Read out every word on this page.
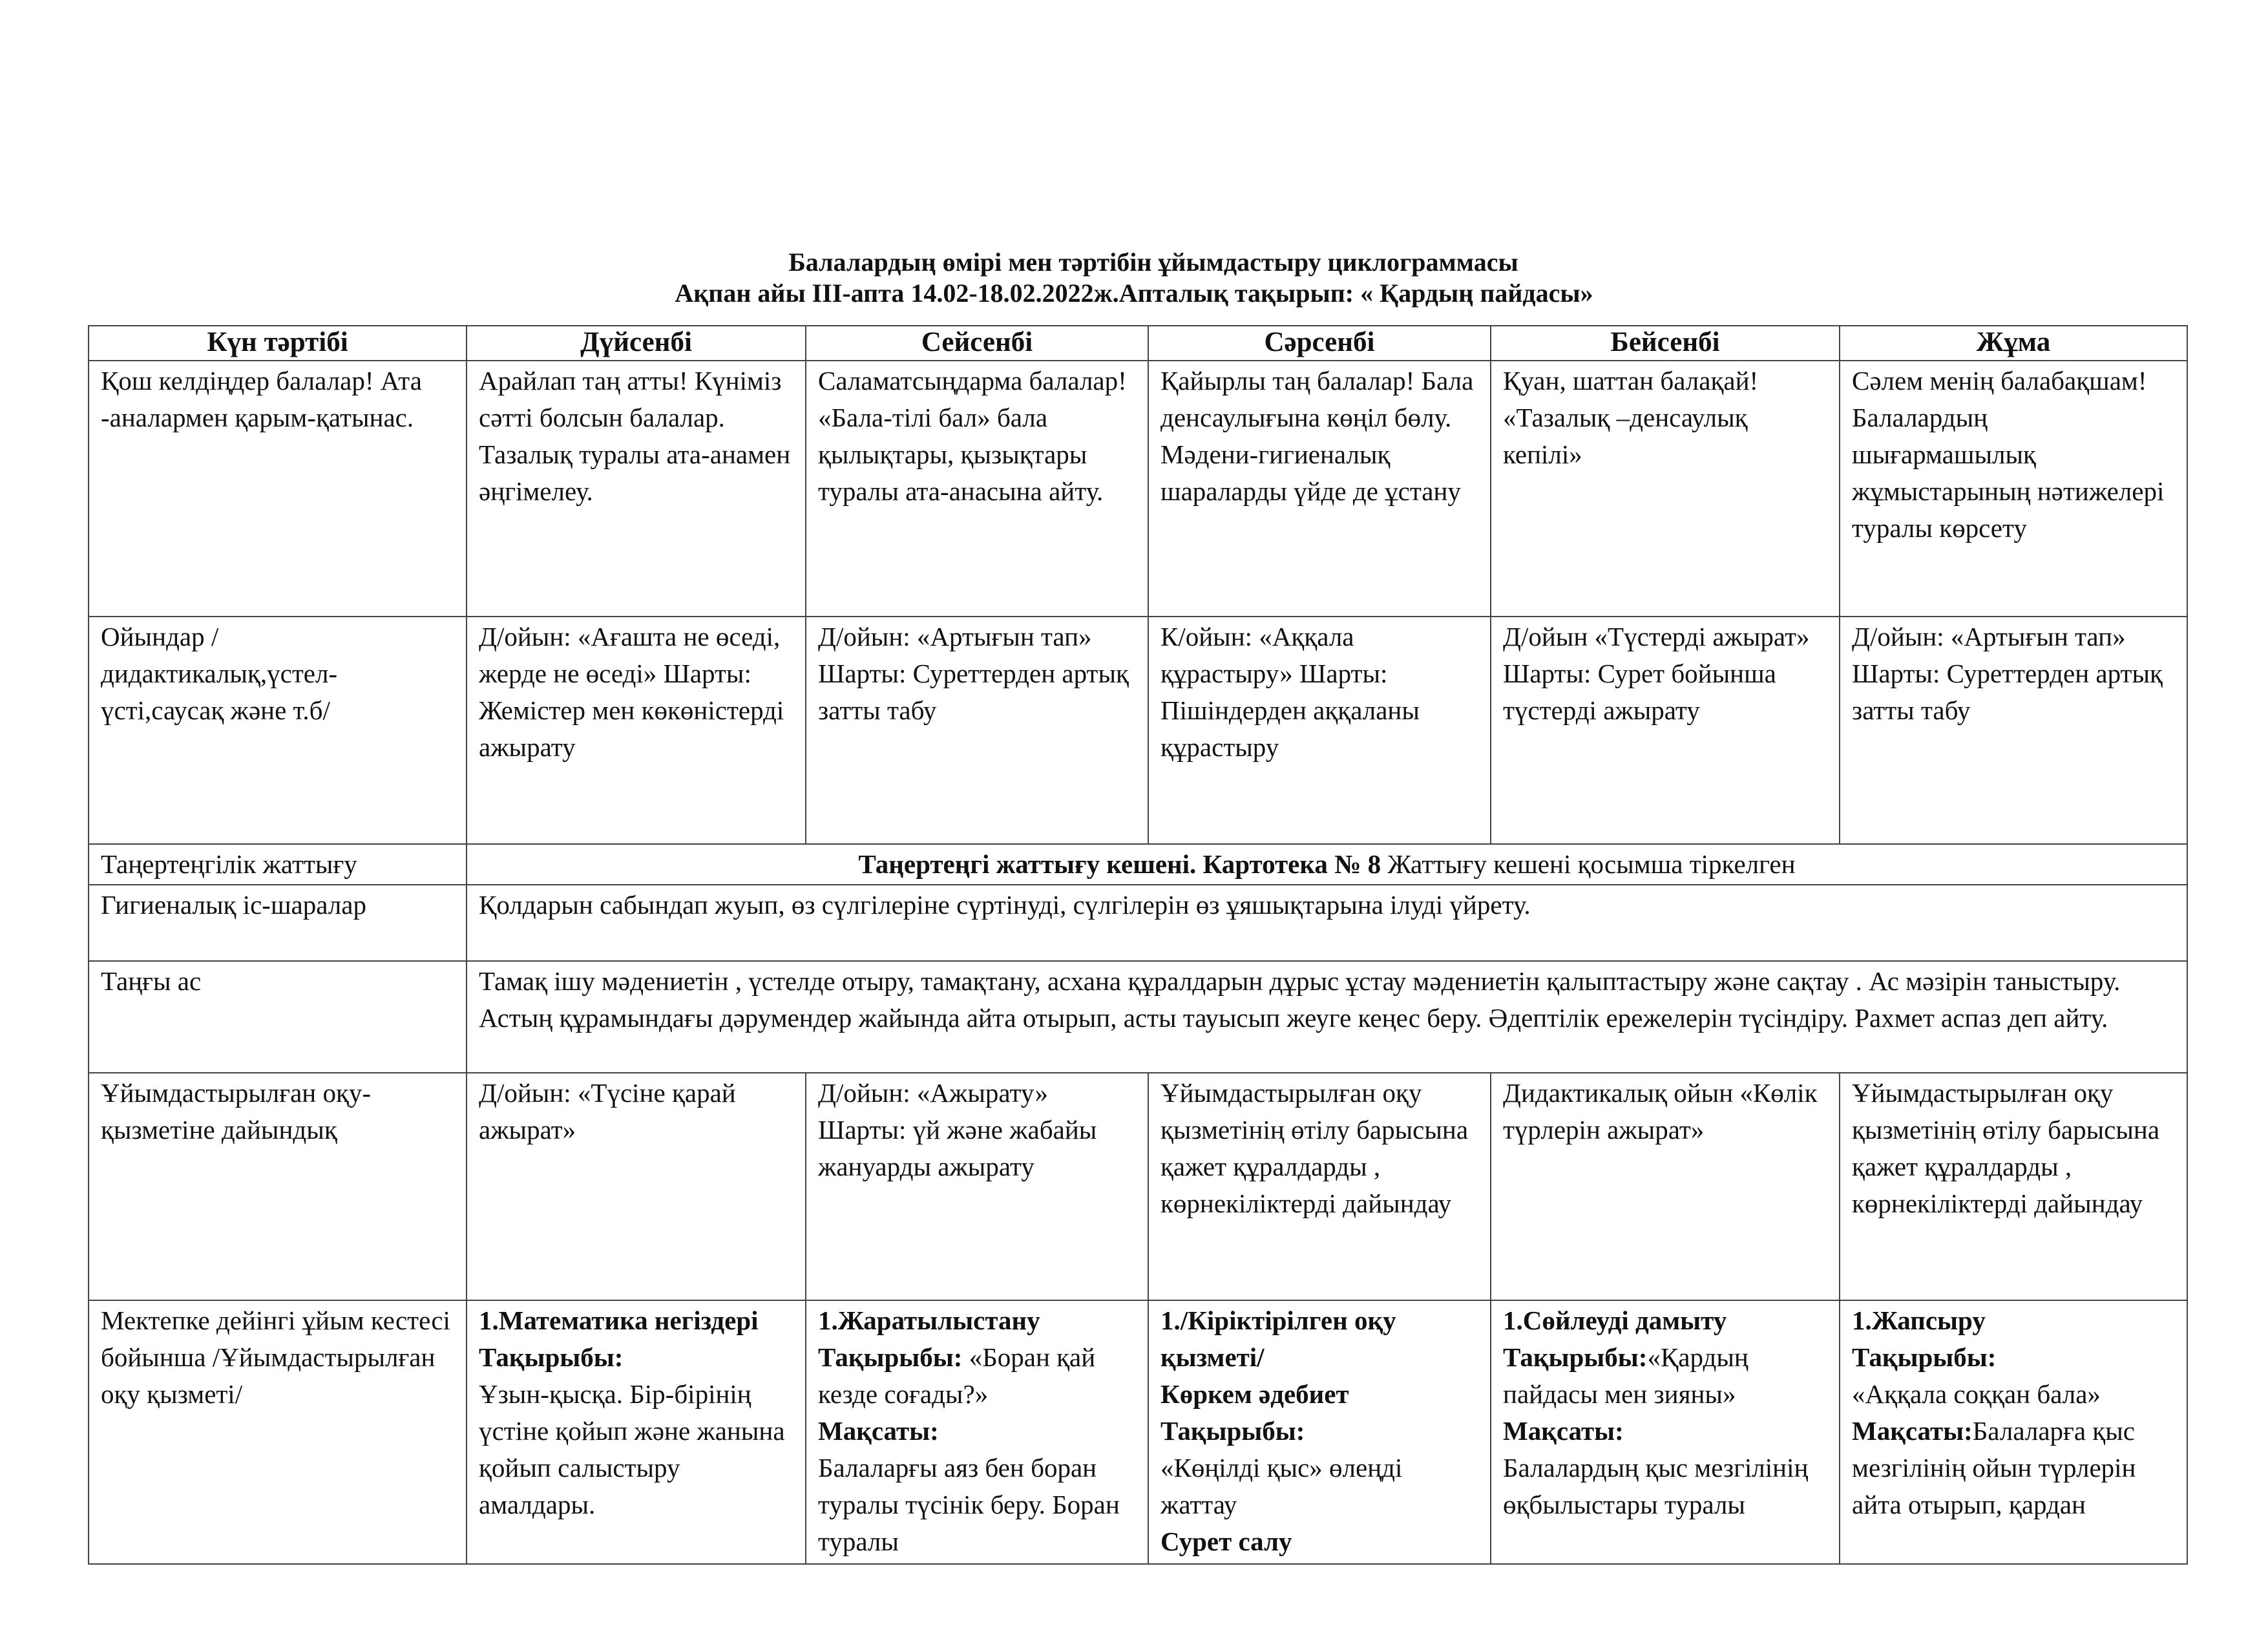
Балалардың өмірі мен тәртібін ұйымдастыру циклограммасы
Ақпан айы III-апта 14.02-18.02.2022ж.Апталық тақырып: « Қардың пайдасы»
Күн тәртібі	Дүйсенбі	Сейсенбі	Сәрсенбі	Бейсенбі	Жұма
Қош келдіңдер балалар! Ата -аналармен қарым-қатынас.	Арайлап таң атты! Күніміз сәтті болсын балалар. Тазалық туралы ата-анамен әңгімелеу.	Саламатсыңдарма балалар! «Бала-тілі бал» бала қылықтары, қызықтары туралы ата-анасына айту.	Қайырлы таң балалар! Бала денсаулығына көңіл бөлу. Мәдени-гигиеналық шараларды үйде де ұстану	Қуан, шаттан балақай! «Тазалық –денсаулық кепілі»	Сәлем менің балабақшам! Балалардың шығармашылық жұмыстарының нәтижелері туралы көрсету
Ойындар /дидактикалық,үстел-үсті,саусақ және т.б/	Д/ойын: «Ағашта не өседі, жерде не өседі» Шарты: Жемістер мен көкөністерді ажырату	Д/ойын: «Артығын тап» Шарты: Суреттерден артық затты табу	К/ойын: «Аққала құрастыру» Шарты: Пішіндерден аққаланы құрастыру	Д/ойын «Түстерді ажырат» Шарты: Сурет бойынша түстерді ажырату	Д/ойын: «Артығын тап» Шарты: Суреттерден артық затты табу
Таңертеңгілік жаттығу	Таңертеңгі жаттығу кешені. Картотека № 8 Жаттығу кешені қосымша тіркелген				
Гигиеналық іс-шаралар	Қолдарын сабындап жуып, өз сүлгілеріне сүртінуді, сүлгілерін өз ұяшықтарына ілуді үйрету.				
Таңғы ас	Тамақ ішу мәдениетін , үстелде отыру, тамақтану, асхана құралдарын дұрыс ұстау мәдениетін қалыптастыру және сақтау . Ас мәзірін таныстыру. Астың құрамындағы дәрумендер жайында айта отырып, асты тауысып жеуге кеңес беру. Әдептілік ережелерін түсіндіру. Рахмет аспаз деп айту.				
Ұйымдастырылған оқу-қызметіне дайындық	Д/ойын: «Түсіне қарай ажырат»	Д/ойын: «Ажырату» Шарты: үй және жабайы жануарды ажырату	Ұйымдастырылған оқу қызметінің өтілу барысына қажет құралдарды , көрнекіліктерді дайындау	Дидактикалық ойын «Көлік түрлерін ажырат»	Ұйымдастырылған оқу қызметінің өтілу барысына қажет құралдарды , көрнекіліктерді дайындау
Мектепке дейінгі ұйым кестесі бойынша /Ұйымдастырылған оқу қызметі/	1.Математика негіздері
Тақырыбы:
Ұзын-қысқа. Бір-бірінің үстіне қойып және жанына қойып салыстыру амалдары.	1.Жаратылыстану
Тақырыбы: «Боран қай кезде соғады?»
Мақсаты:
Балаларғы аяз бен боран туралы түсінік беру. Боран туралы	1./Кіріктірілген оқу қызметі/
Көркем әдебиет
Тақырыбы:
«Көңілді қыс» өлеңді жаттау
Сурет салу	1.Сөйлеуді дамыту
Тақырыбы:«Қардың пайдасы мен зияны»
Мақсаты:
Балалардың қыс мезгілінің өқбылыстары туралы	1.Жапсыру
Тақырыбы:
«Аққала соққан бала»
Мақсаты:Балаларға қыс мезгілінің ойын түрлерін айта отырып, қардан
